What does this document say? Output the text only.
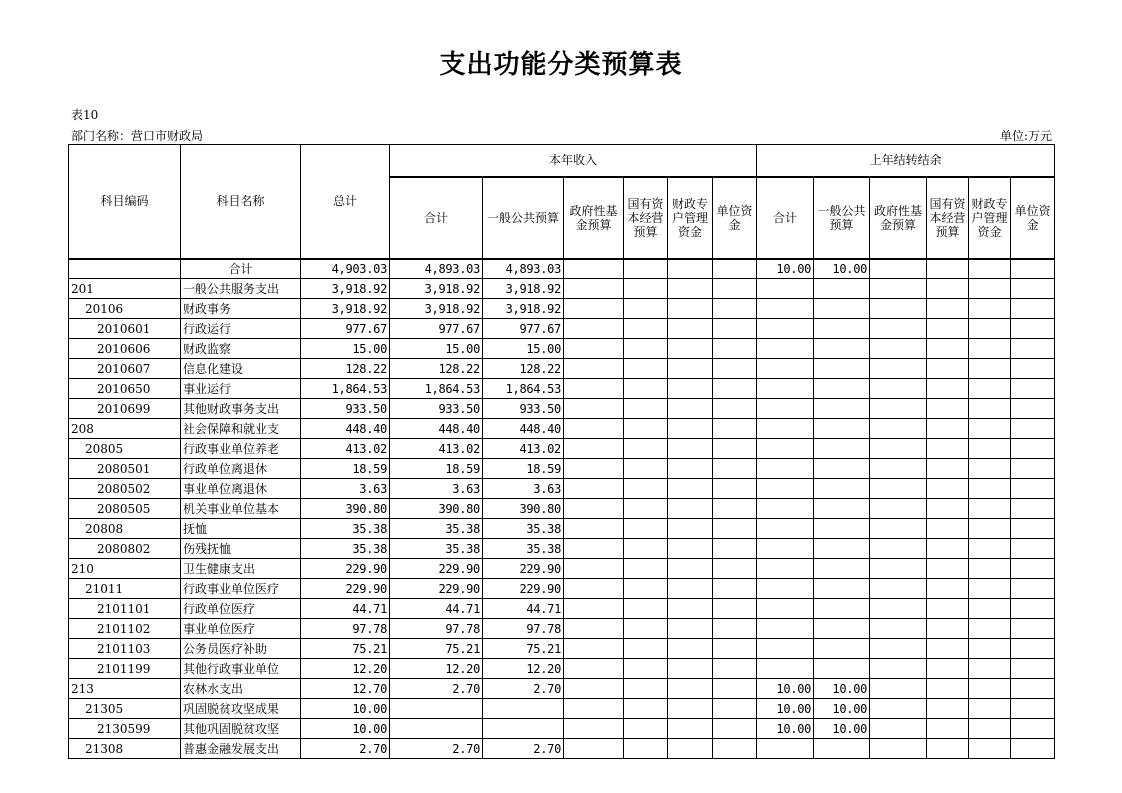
支出功能分类预算表
表10
部门名称：营口市财政局	单位:万元
科目编码	科目名称	总计	本年收入						上年结转结余					
			合计	一般公共预算	政府性基金预算	国有资本经营预算	财政专户管理资金	单位资金	合计	一般公共预算	政府性基金预算	国有资本经营预算	财政专户管理资金	单位资金
	合计	4,903.03	4,893.03	4,893.03					10.00	10.00				
201	一般公共服务支出	3,918.92	3,918.92	3,918.92										
20106	财政事务	3,918.92	3,918.92	3,918.92										
2010601	行政运行	977.67	977.67	977.67										
2010606	财政监察	15.00	15.00	15.00										
2010607	信息化建设	128.22	128.22	128.22										
2010650	事业运行	1,864.53	1,864.53	1,864.53										
2010699	其他财政事务支出	933.50	933.50	933.50										
208	社会保障和就业支	448.40	448.40	448.40										
20805	行政事业单位养老	413.02	413.02	413.02										
2080501	行政单位离退休	18.59	18.59	18.59										
2080502	事业单位离退休	3.63	3.63	3.63										
2080505	机关事业单位基本	390.80	390.80	390.80										
20808	抚恤	35.38	35.38	35.38										
2080802	伤残抚恤	35.38	35.38	35.38										
210	卫生健康支出	229.90	229.90	229.90										
21011	行政事业单位医疗	229.90	229.90	229.90										
2101101	行政单位医疗	44.71	44.71	44.71										
2101102	事业单位医疗	97.78	97.78	97.78										
2101103	公务员医疗补助	75.21	75.21	75.21										
2101199	其他行政事业单位	12.20	12.20	12.20										
213	农林水支出	12.70	2.70	2.70					10.00	10.00				
21305	巩固脱贫攻坚成果	10.00							10.00	10.00				
2130599	其他巩固脱贫攻坚	10.00							10.00	10.00				
21308	普惠金融发展支出	2.70	2.70	2.70										
